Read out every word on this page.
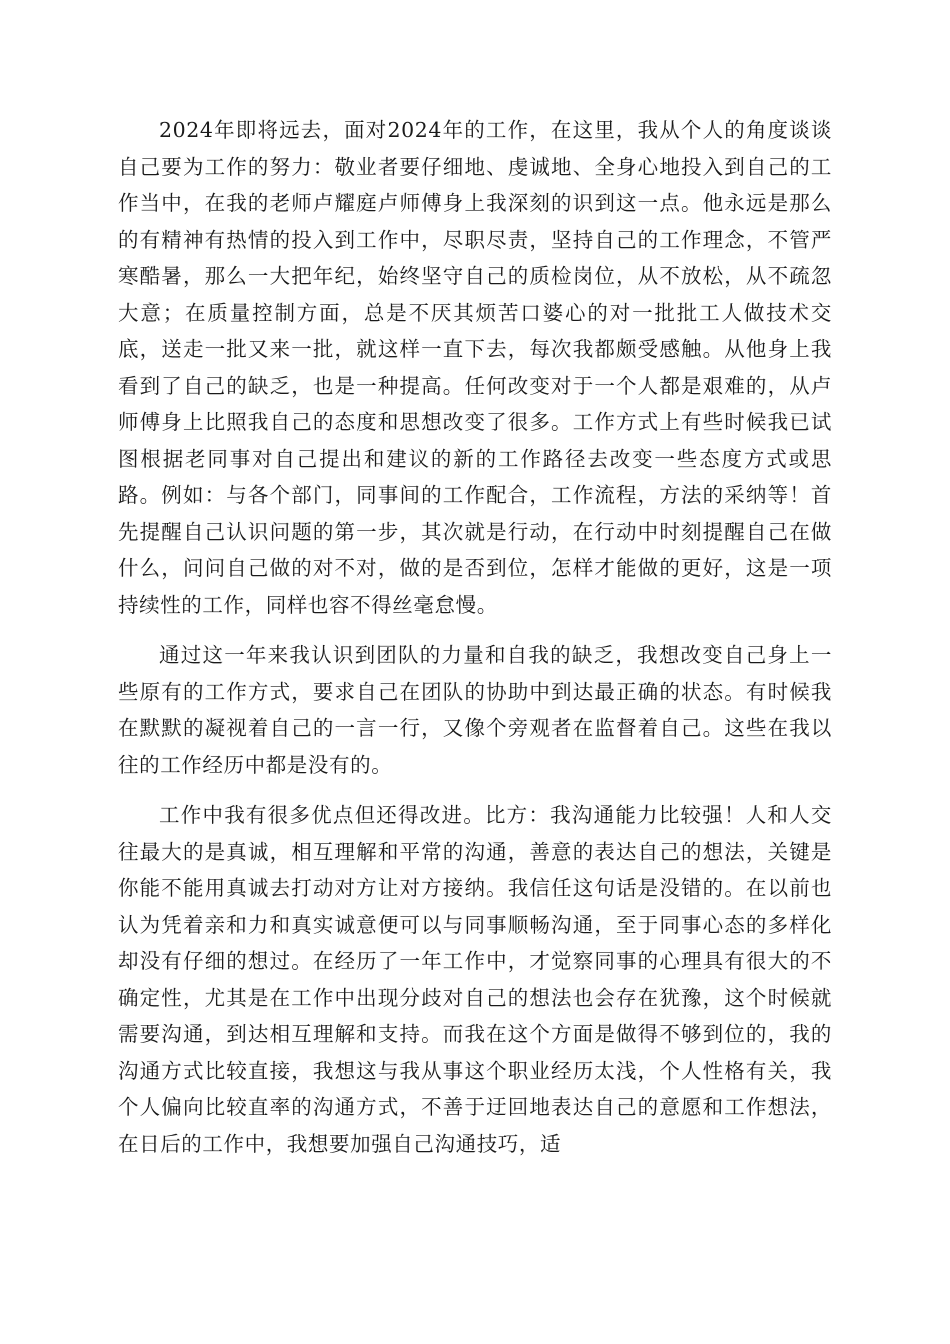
2024年即将远去，面对2024年的工作，在这里，我从个人的角度谈谈自己要为工作的努力：敬业者要仔细地、虔诚地、全身心地投入到自己的工作当中，在我的老师卢耀庭卢师傅身上我深刻的识到这一点。他永远是那么的有精神有热情的投入到工作中，尽职尽责，坚持自己的工作理念，不管严寒酷暑，那么一大把年纪，始终坚守自己的质检岗位，从不放松，从不疏忽大意；在质量控制方面，总是不厌其烦苦口婆心的对一批批工人做技术交底，送走一批又来一批，就这样一直下去，每次我都颇受感触。从他身上我看到了自己的缺乏，也是一种提高。任何改变对于一个人都是艰难的，从卢师傅身上比照我自己的态度和思想改变了很多。工作方式上有些时候我已试图根据老同事对自己提出和建议的新的工作路径去改变一些态度方式或思路。例如：与各个部门，同事间的工作配合，工作流程，方法的采纳等！首先提醒自己认识问题的第一步，其次就是行动，在行动中时刻提醒自己在做什么，问问自己做的对不对，做的是否到位，怎样才能做的更好，这是一项持续性的工作，同样也容不得丝毫怠慢。

通过这一年来我认识到团队的力量和自我的缺乏，我想改变自己身上一些原有的工作方式，要求自己在团队的协助中到达最正确的状态。有时候我在默默的凝视着自己的一言一行，又像个旁观者在监督着自己。这些在我以往的工作经历中都是没有的。

工作中我有很多优点但还得改进。比方：我沟通能力比较强！人和人交往最大的是真诚，相互理解和平常的沟通，善意的表达自己的想法，关键是你能不能用真诚去打动对方让对方接纳。我信任这句话是没错的。在以前也认为凭着亲和力和真实诚意便可以与同事顺畅沟通，至于同事心态的多样化却没有仔细的想过。在经历了一年工作中，才觉察同事的心理具有很大的不确定性，尤其是在工作中出现分歧对自己的想法也会存在犹豫，这个时候就需要沟通，到达相互理解和支持。而我在这个方面是做得不够到位的，我的沟通方式比较直接，我想这与我从事这个职业经历太浅，个人性格有关，我个人偏向比较直率的沟通方式，不善于迂回地表达自己的意愿和工作想法，在日后的工作中，我想要加强自己沟通技巧，适
